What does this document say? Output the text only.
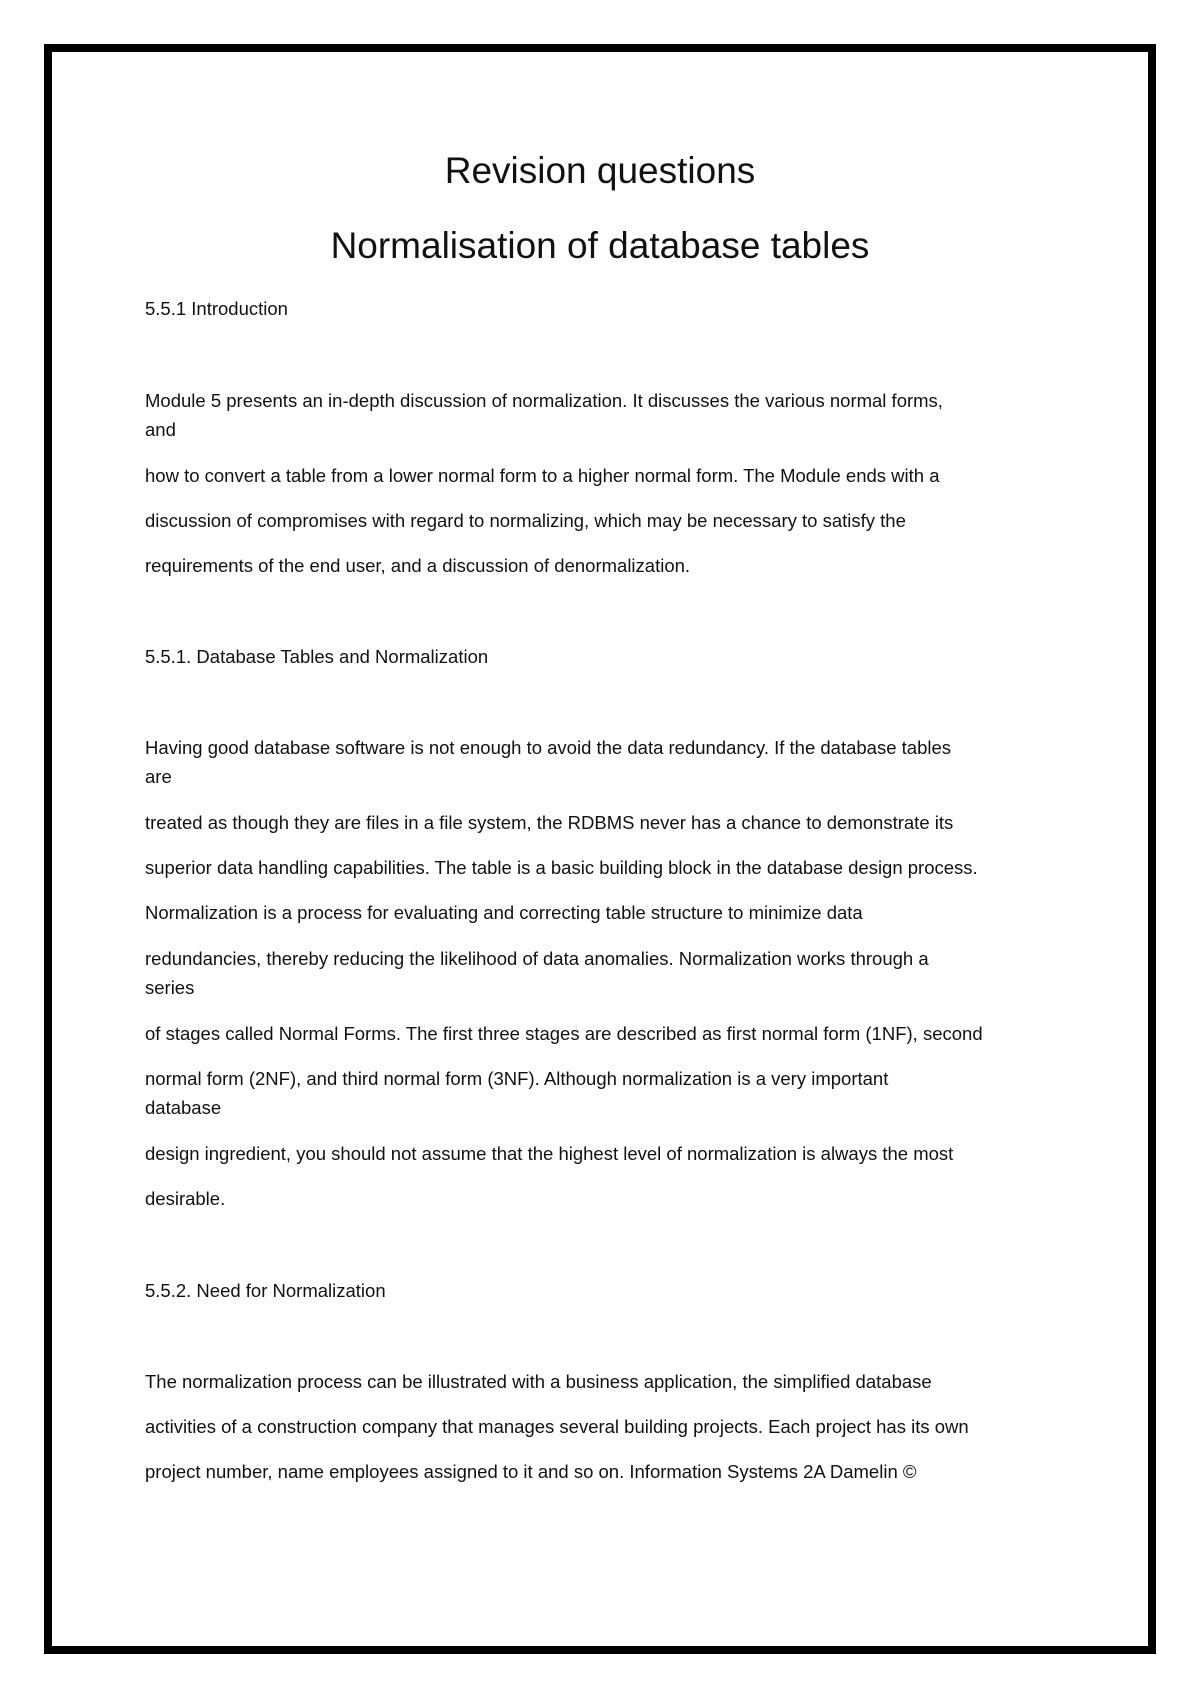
Revision questions
Normalisation of database tables
5.5.1 Introduction
Module 5 presents an in-depth discussion of normalization. It discusses the various normal forms,
and
how to convert a table from a lower normal form to a higher normal form. The Module ends with a
discussion of compromises with regard to normalizing, which may be necessary to satisfy the
requirements of the end user, and a discussion of denormalization.
5.5.1. Database Tables and Normalization
Having good database software is not enough to avoid the data redundancy. If the database tables
are
treated as though they are files in a file system, the RDBMS never has a chance to demonstrate its
superior data handling capabilities. The table is a basic building block in the database design process.
Normalization is a process for evaluating and correcting table structure to minimize data
redundancies, thereby reducing the likelihood of data anomalies. Normalization works through a
series
of stages called Normal Forms. The first three stages are described as first normal form (1NF), second
normal form (2NF), and third normal form (3NF). Although normalization is a very important
database
design ingredient, you should not assume that the highest level of normalization is always the most
desirable.
5.5.2. Need for Normalization
The normalization process can be illustrated with a business application, the simplified database
activities of a construction company that manages several building projects. Each project has its own
project number, name employees assigned to it and so on. Information Systems 2A Damelin ©
